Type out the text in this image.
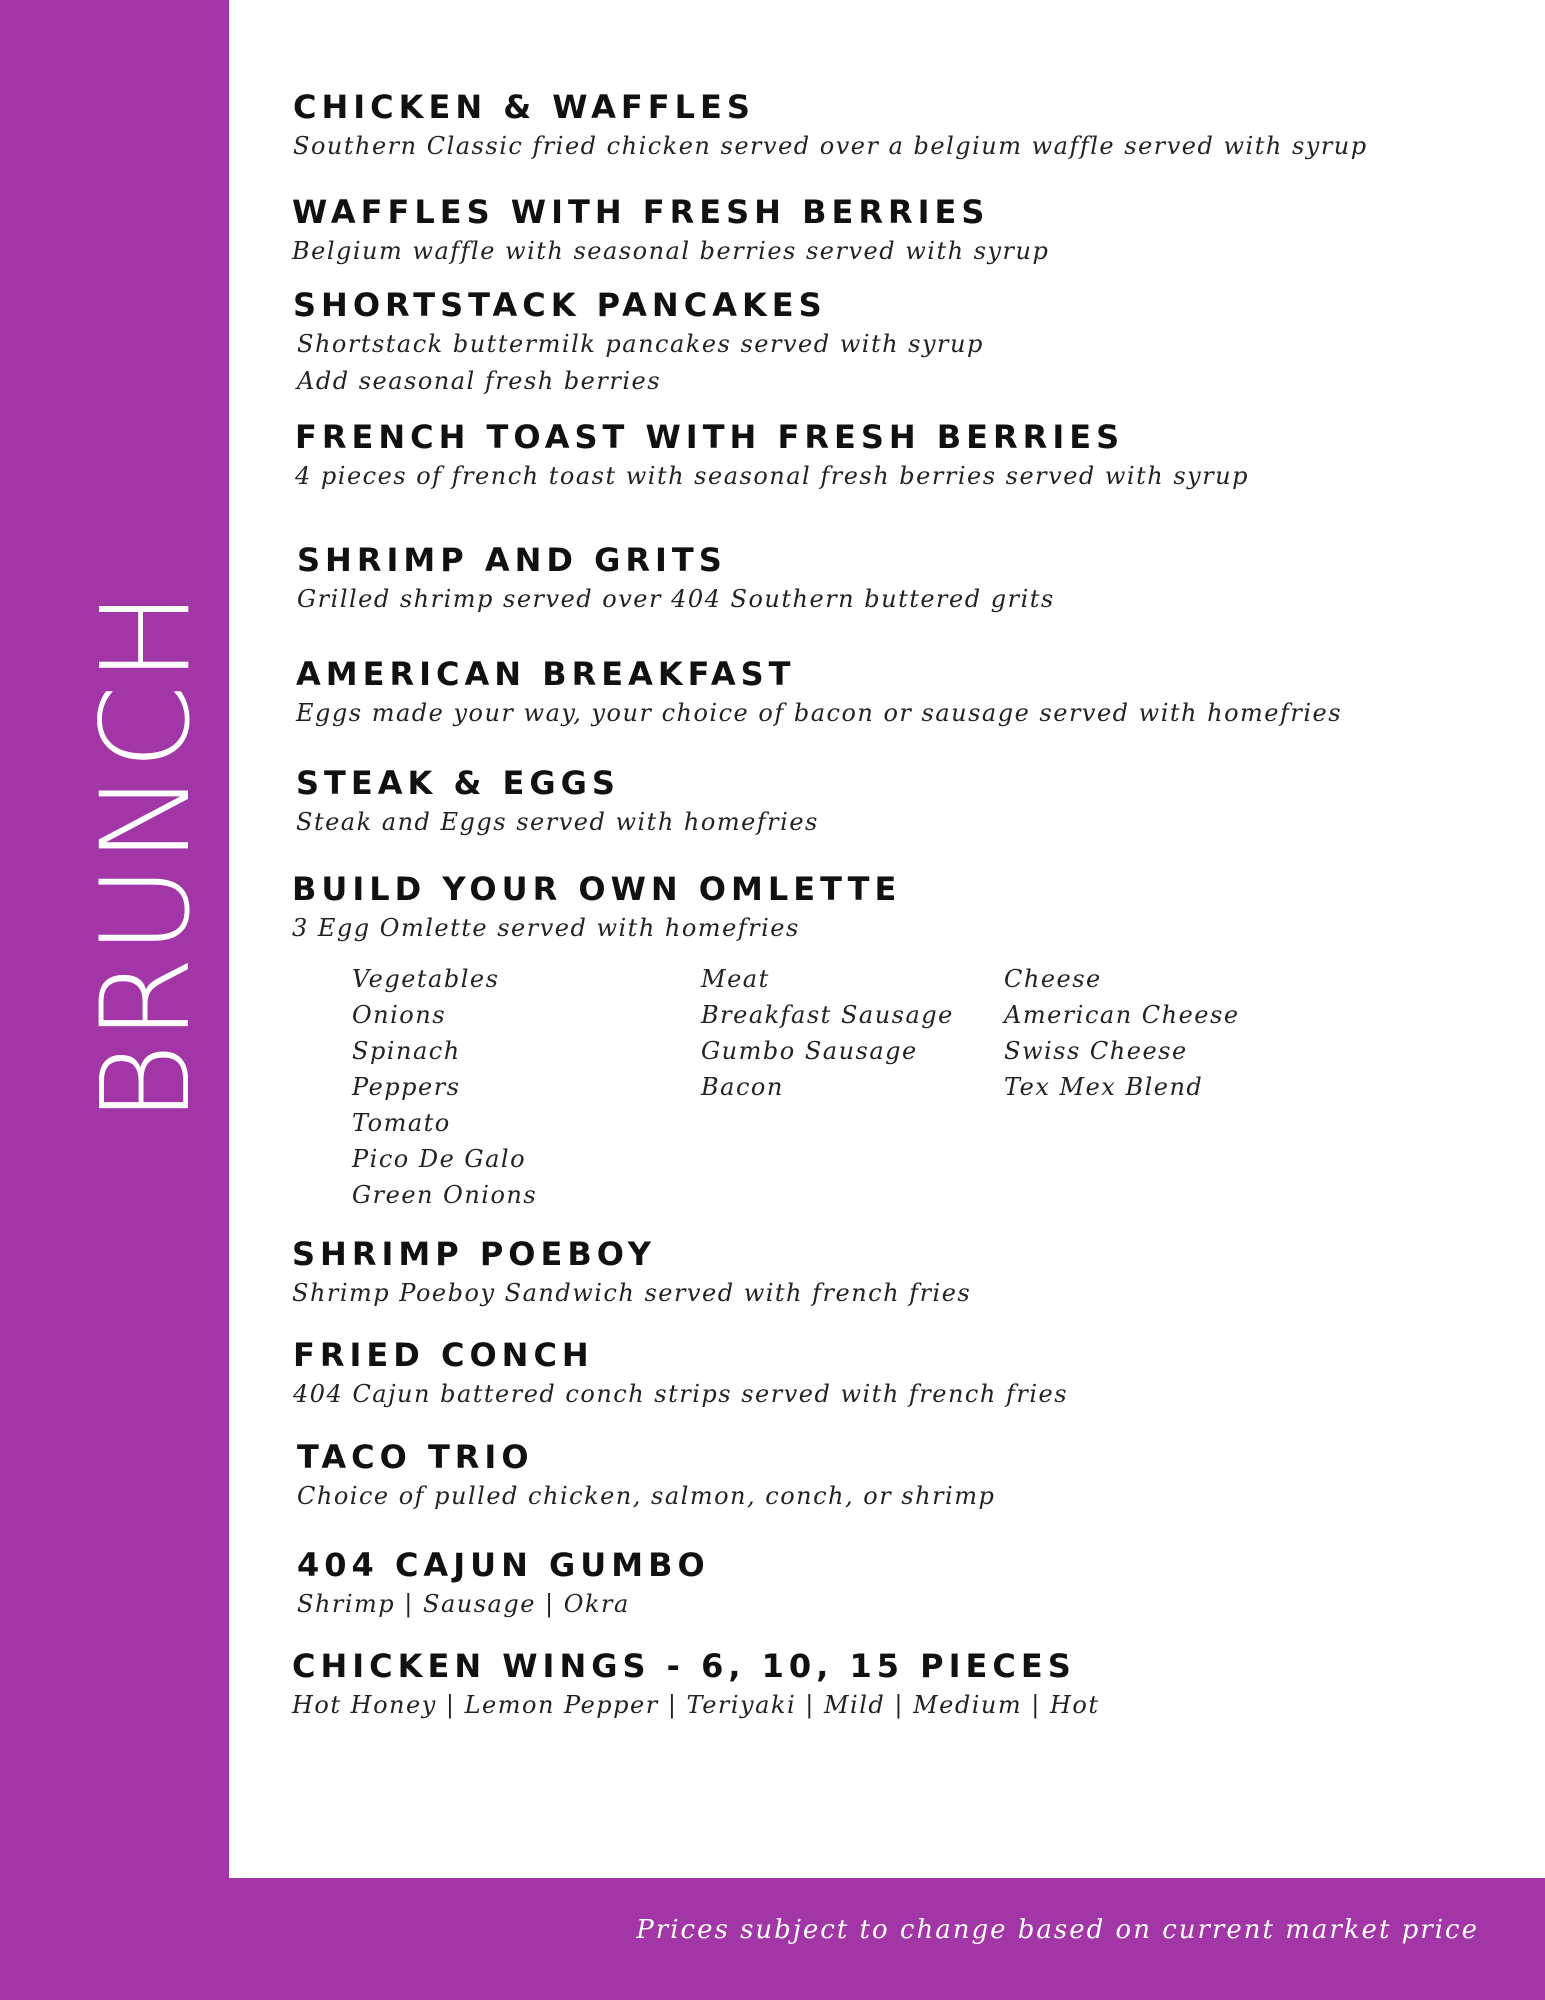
BRUNCH
CHICKEN & WAFFLES
Southern Classic fried chicken served over a belgium waffle served with syrup
WAFFLES WITH FRESH BERRIES
Belgium waffle with seasonal berries served with syrup
SHORTSTACK PANCAKES
Shortstack buttermilk pancakes served with syrup
Add seasonal fresh berries
FRENCH TOAST WITH FRESH BERRIES
4 pieces of french toast with seasonal fresh berries served with syrup
SHRIMP AND GRITS
Grilled shrimp served over 404 Southern buttered grits
AMERICAN BREAKFAST
Eggs made your way, your choice of bacon or sausage served with homefries
STEAK & EGGS
Steak and Eggs served with homefries
BUILD YOUR OWN OMLETTE
3 Egg Omlette served with homefries
Vegetables
Onions
Spinach
Peppers
Tomato
Pico De Galo
Green Onions
Meat
Breakfast Sausage
Gumbo Sausage
Bacon
Cheese
American Cheese
Swiss Cheese
Tex Mex Blend
SHRIMP POEBOY
Shrimp Poeboy Sandwich served with french fries
FRIED CONCH
404 Cajun battered conch strips served with french fries
TACO TRIO
Choice of pulled chicken, salmon, conch, or shrimp
404 CAJUN GUMBO
Shrimp | Sausage | Okra
CHICKEN WINGS - 6, 10, 15 PIECES
Hot Honey | Lemon Pepper | Teriyaki | Mild | Medium | Hot
Prices subject to change based on current market price
